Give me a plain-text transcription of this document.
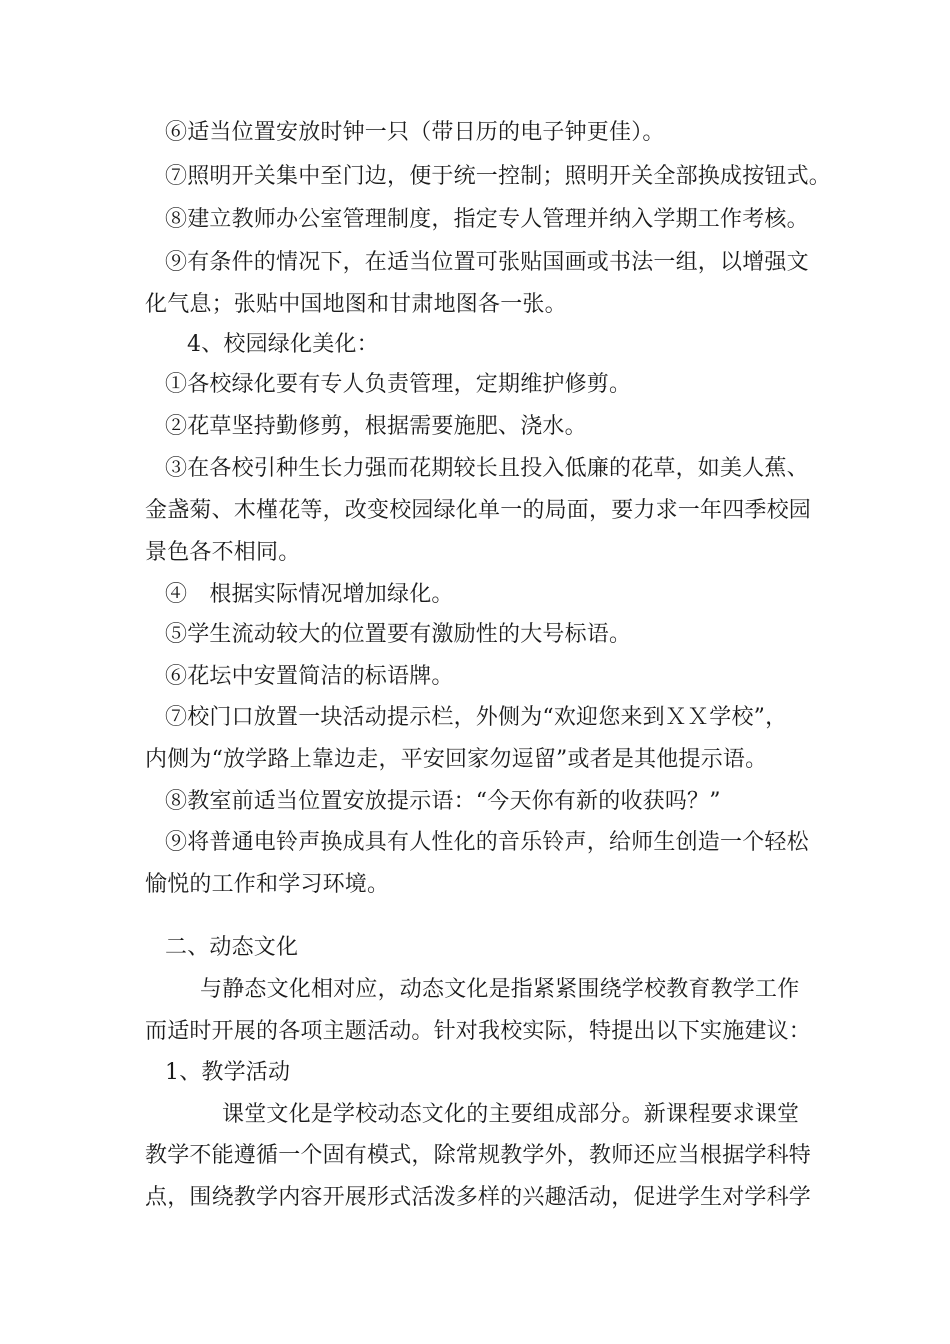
⑥适当位置安放时钟一只（带日历的电子钟更佳）。
⑦照明开关集中至门边，便于统一控制；照明开关全部换成按钮式。
⑧建立教师办公室管理制度，指定专人管理并纳入学期工作考核。
⑨有条件的情况下，在适当位置可张贴国画或书法一组，以增强文
化气息；张贴中国地图和甘肃地图各一张。
4、校园绿化美化：
①各校绿化要有专人负责管理，定期维护修剪。
②花草坚持勤修剪，根据需要施肥、浇水。
③在各校引种生长力强而花期较长且投入低廉的花草，如美人蕉、
金盏菊、木槿花等，改变校园绿化单一的局面，要力求一年四季校园
景色各不相同。
④　根据实际情况增加绿化。
⑤学生流动较大的位置要有激励性的大号标语。
⑥花坛中安置简洁的标语牌。
⑦校门口放置一块活动提示栏，外侧为“欢迎您来到ＸＸ学校”，
内侧为“放学路上靠边走，平安回家勿逗留”或者是其他提示语。
⑧教室前适当位置安放提示语：“今天你有新的收获吗？”
⑨将普通电铃声换成具有人性化的音乐铃声，给师生创造一个轻松
愉悦的工作和学习环境。
二、动态文化
与静态文化相对应，动态文化是指紧紧围绕学校教育教学工作
而适时开展的各项主题活动。针对我校实际，特提出以下实施建议：
1、教学活动
课堂文化是学校动态文化的主要组成部分。新课程要求课堂
教学不能遵循一个固有模式，除常规教学外，教师还应当根据学科特
点，围绕教学内容开展形式活泼多样的兴趣活动，促进学生对学科学
